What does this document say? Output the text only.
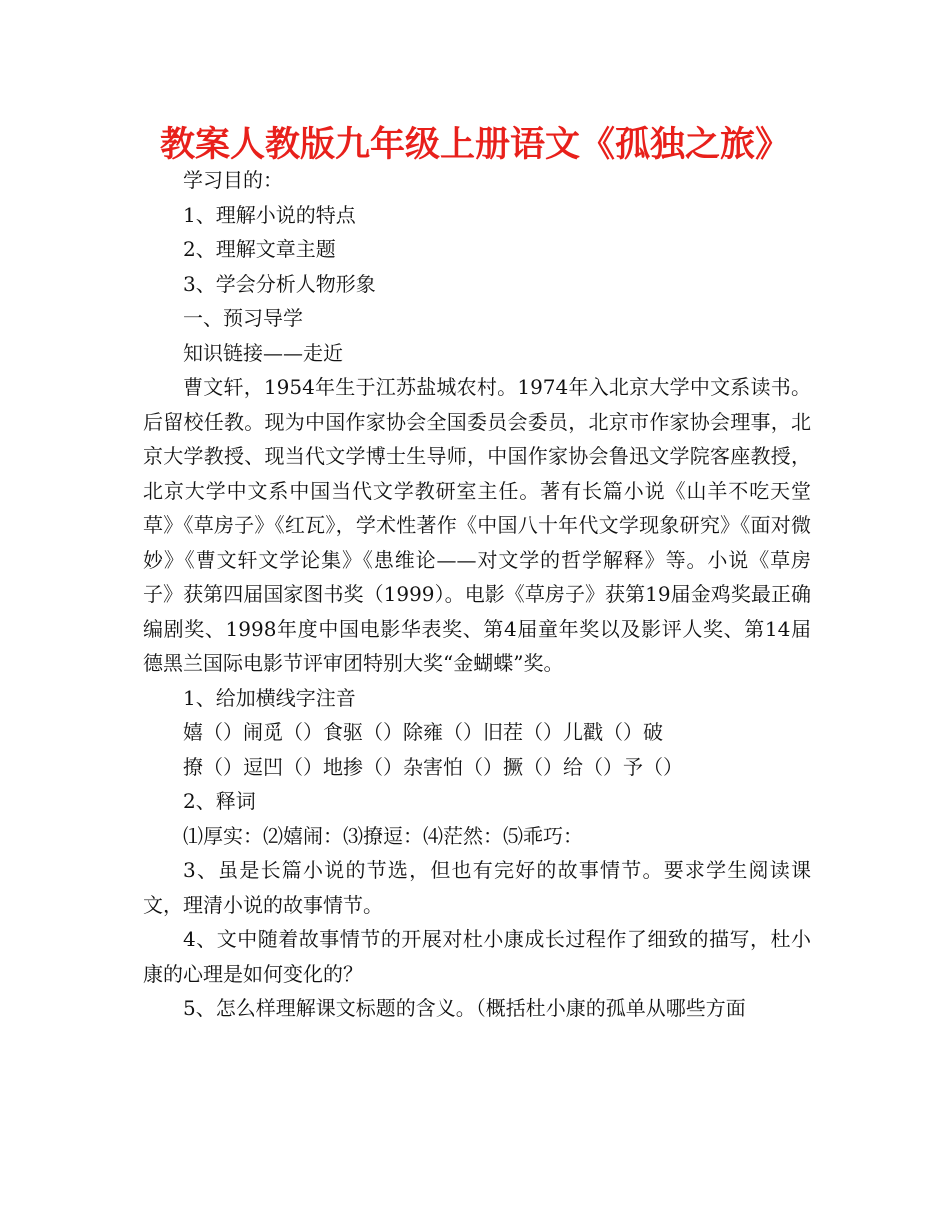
教案人教版九年级上册语文《孤独之旅》

学习目的：

1、理解小说的特点

2、理解文章主题

3、学会分析人物形象

一、预习导学

知识链接——走近

曹文轩，1954年生于江苏盐城农村。1974年入北京大学中文系读书。后留校任教。现为中国作家协会全国委员会委员，北京市作家协会理事，北京大学教授、现当代文学博士生导师，中国作家协会鲁迅文学院客座教授，北京大学中文系中国当代文学教研室主任。著有长篇小说《山羊不吃天堂草》《草房子》《红瓦》，学术性著作《中国八十年代文学现象研究》《面对微妙》《曹文轩文学论集》《患维论——对文学的哲学解释》等。小说《草房子》获第四届国家图书奖（1999）。电影《草房子》获第19届金鸡奖最正确编剧奖、1998年度中国电影华表奖、第4届童年奖以及影评人奖、第14届德黑兰国际电影节评审团特别大奖“金蝴蝶”奖。

1、给加横线字注音

嬉（）闹觅（）食驱（）除雍（）旧茬（）儿戳（）破

撩（）逗凹（）地掺（）杂害怕（）撅（）给（）予（）

2、释词

⑴厚实：⑵嬉闹：⑶撩逗：⑷茫然：⑸乖巧：

3、虽是长篇小说的节选，但也有完好的故事情节。要求学生阅读课文，理清小说的故事情节。

4、文中随着故事情节的开展对杜小康成长过程作了细致的描写，杜小康的心理是如何变化的？

5、怎么样理解课文标题的含义。（概括杜小康的孤单从哪些方面
